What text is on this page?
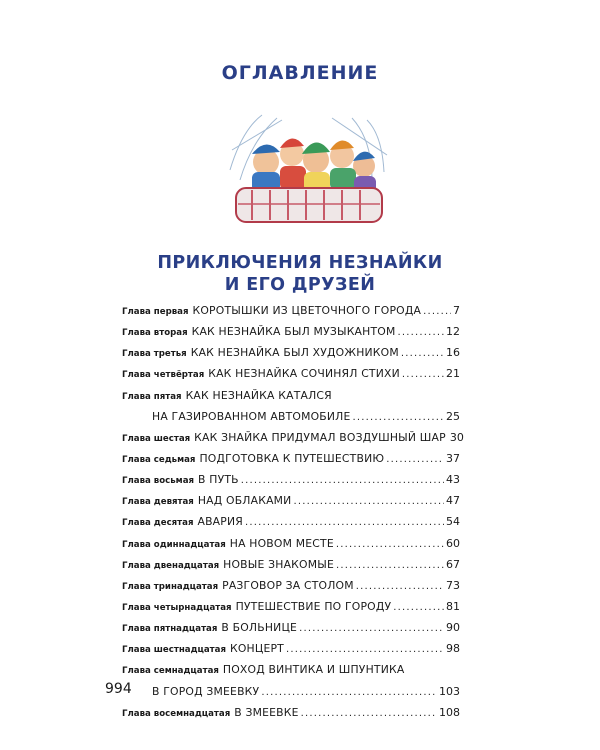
ОГЛАВЛЕНИЕ
ПРИКЛЮЧЕНИЯ НЕЗНАЙКИ
И ЕГО ДРУЗЕЙ
Глава первая КОРОТЫШКИ ИЗ ЦВЕТОЧНОГО ГОРОДА .....	7
Глава вторая КАК НЕЗНАЙКА БЫЛ МУЗЫКАНТОМ .....	12
Глава третья КАК НЕЗНАЙКА БЫЛ ХУДОЖНИКОМ .....	16
Глава четвёртая КАК НЕЗНАЙКА СОЧИНЯЛ СТИХИ .....	21
Глава пятая КАК НЕЗНАЙКА КАТАЛСЯ
НА ГАЗИРОВАННОМ АВТОМОБИЛЕ .....	25
Глава шестая КАК ЗНАЙКА ПРИДУМАЛ ВОЗДУШНЫЙ ШАР 30
Глава седьмая ПОДГОТОВКА К ПУТЕШЕСТВИЮ .....	37
Глава восьмая В ПУТЬ .....	43
Глава девятая НАД ОБЛАКАМИ .....	47
Глава десятая АВАРИЯ .....	54
Глава одиннадцатая НА НОВОМ МЕСТЕ .....	60
Глава двенадцатая НОВЫЕ ЗНАКОМЫЕ .....	67
Глава тринадцатая РАЗГОВОР ЗА СТОЛОМ .....	73
Глава четырнадцатая ПУТЕШЕСТВИЕ ПО ГОРОДУ .....	81
Глава пятнадцатая В БОЛЬНИЦЕ .....	90
Глава шестнадцатая КОНЦЕРТ .....	98
Глава семнадцатая ПОХОД ВИНТИКА И ШПУНТИКА
В ГОРОД ЗМЕЕВКУ .....	103
Глава восемнадцатая В ЗМЕЕВКЕ .....	108
994
